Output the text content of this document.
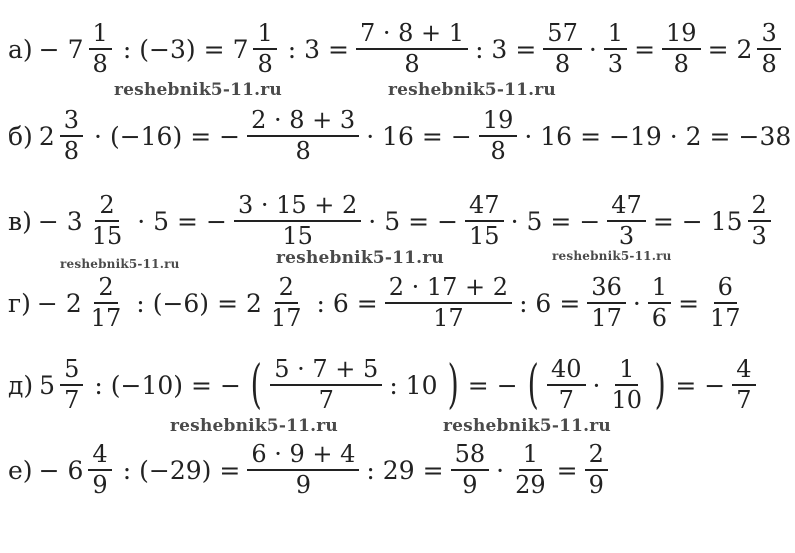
$а) - 7 \frac{1}{8}$ : $(-3) = 7 \frac{1}{8}$ : $3 = \frac{7 \cdot 8 + 1}{8}$ : $3 = \frac{57}{8} \cdot \frac{1}{3} = \frac{19}{8} = 2 \frac{3}{8}$
б) $2 \frac{3}{8} \cdot (-16)$ = − $\frac{2 \cdot 8 + 3}{8} \cdot 16$ = − $\frac{19}{8} \cdot 16 = -19 \cdot 2 = -38$
$в) - 3 \frac{2}{15} \cdot 5$ = − $\frac{3 \cdot 15 + 2}{15} \cdot 5$ = − $\frac{47}{15} \cdot 5$ = − $\frac{47}{3}$ = − $15 \frac{2}{3}$
$г) - 2 \frac{2}{17}$ : $(-6) = 2 \frac{2}{17}$ : $6 = \frac{2 \cdot 17 + 2}{17}$ : $6 = \frac{36}{17} \cdot \frac{1}{6} = \frac{6}{17}$
д) $5 \frac{5}{7}$ : (−10) = − ( $\frac{5 \cdot 7 + 5}{7}$ : 10 ) = − ( $\frac{40}{7} \cdot \frac{1}{10}$ ) = − $\frac{4}{7}$
$е) - 6 \frac{4}{9}$ : $(-29) = \frac{6 \cdot 9 + 4}{9}$ : $29 = \frac{58}{9} \cdot \frac{1}{29} = \frac{2}{9}$
reshebnik5-11.ru	reshebnik5-11.ru
reshebnik5-11.ru	reshebnik5-11.ru	reshebnik5-11.ru
reshebnik5-11.ru	reshebnik5-11.ru
